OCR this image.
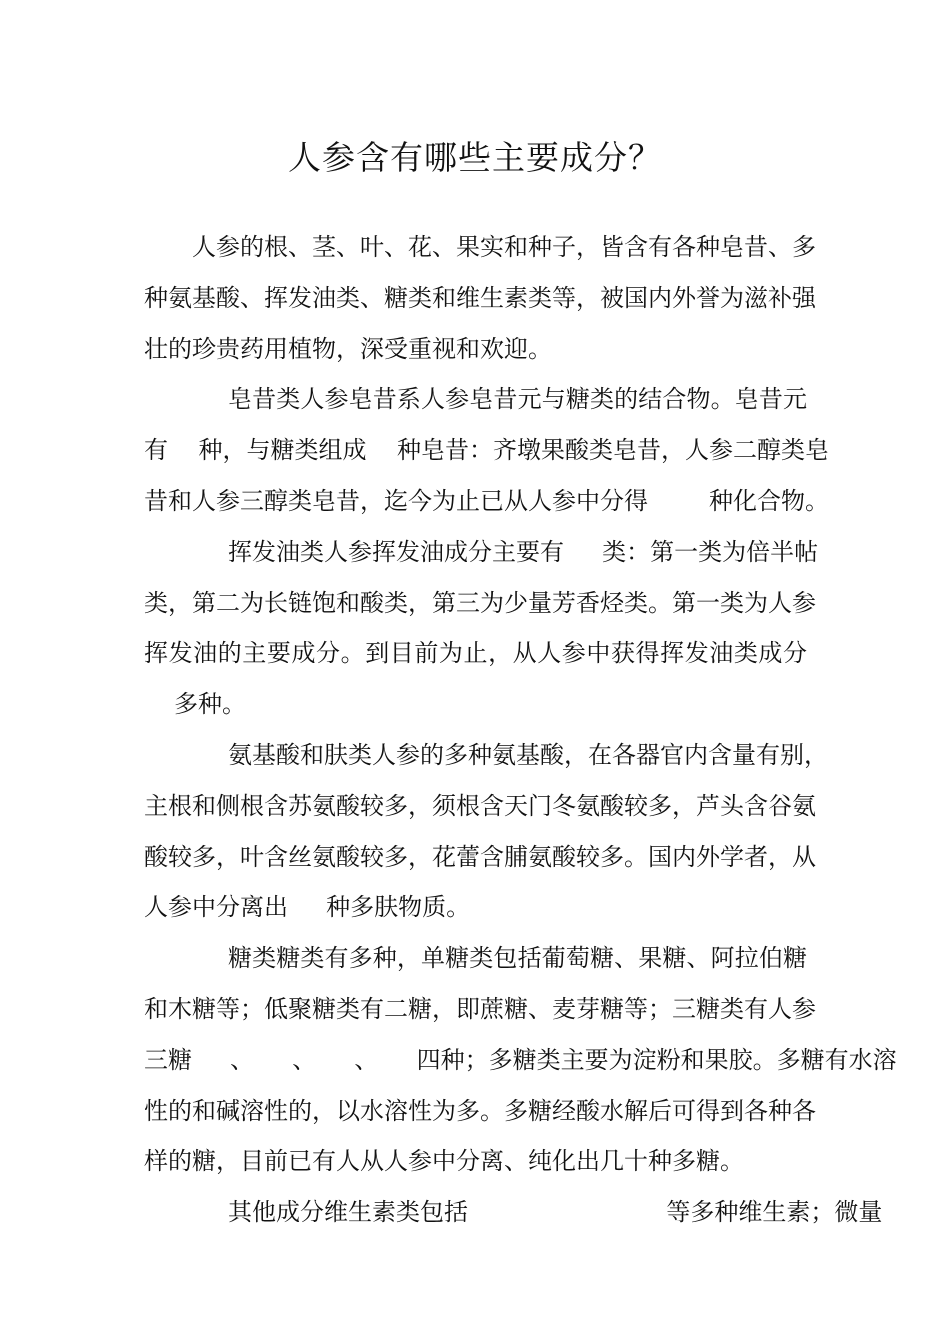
人参含有哪些主要成分？
人参的根、茎、叶、花、果实和种子，皆含有各种皂昔、多
种氨基酸、挥发油类、糖类和维生素类等，被国内外誉为滋补强
壮的珍贵药用植物，深受重视和欢迎。
皂昔类人参皂昔系人参皂昔元与糖类的结合物。皂昔元
有    种，与糖类组成    种皂昔：齐墩果酸类皂昔，人参二醇类皂
昔和人参三醇类皂昔，迄今为止已从人参中分得        种化合物。
挥发油类人参挥发油成分主要有     类：第一类为倍半帖
类，第二为长链饱和酸类，第三为少量芳香烃类。第一类为人参
挥发油的主要成分。到目前为止，从人参中获得挥发油类成分
多种。
氨基酸和肤类人参的多种氨基酸，在各器官内含量有别，
主根和侧根含苏氨酸较多，须根含天门冬氨酸较多，芦头含谷氨
酸较多，叶含丝氨酸较多，花蕾含脯氨酸较多。国内外学者，从
人参中分离出     种多肤物质。
糖类糖类有多种，单糖类包括葡萄糖、果糖、阿拉伯糖
和木糖等；低聚糖类有二糖，即蔗糖、麦芽糖等；三糖类有人参
三糖     、     、     、     四种；多糖类主要为淀粉和果胶。多糖有水溶
性的和碱溶性的，以水溶性为多。多糖经酸水解后可得到各种各
样的糖，目前已有人从人参中分离、纯化出几十种多糖。
其他成分维生素类包括                          等多种维生素；微量
